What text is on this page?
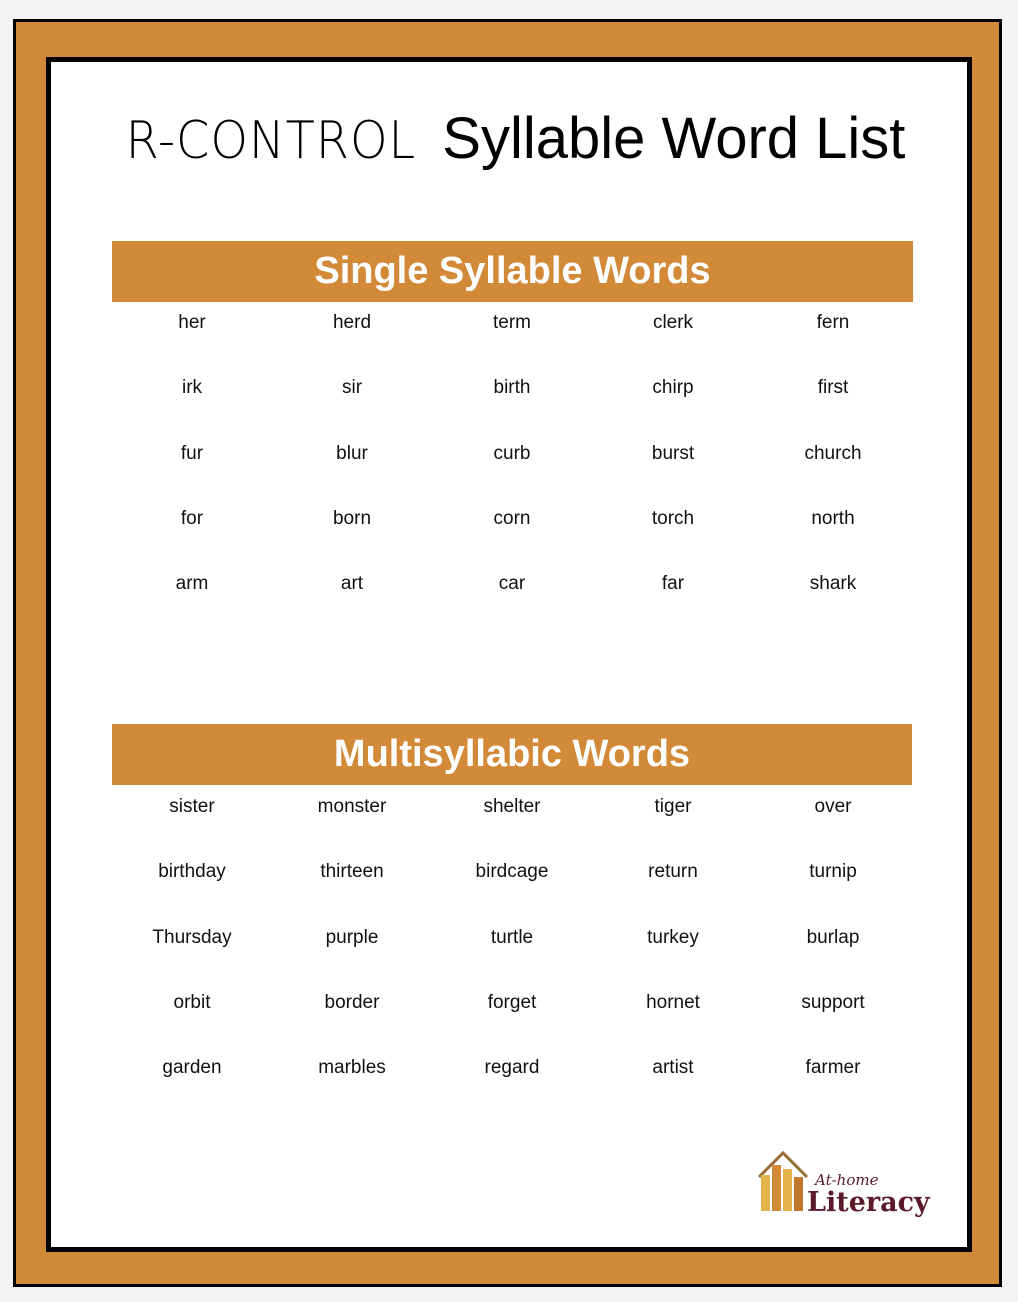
R-CONTROL Syllable Word List
Single Syllable Words
her	herd	term	clerk	fern
irk	sir	birth	chirp	first
fur	blur	curb	burst	church
for	born	corn	torch	north
arm	art	car	far	shark
Multisyllabic Words
sister	monster	shelter	tiger	over
birthday	thirteen	birdcage	return	turnip
Thursday	purple	turtle	turkey	burlap
orbit	border	forget	hornet	support
garden	marbles	regard	artist	farmer
At-home
Literacy
